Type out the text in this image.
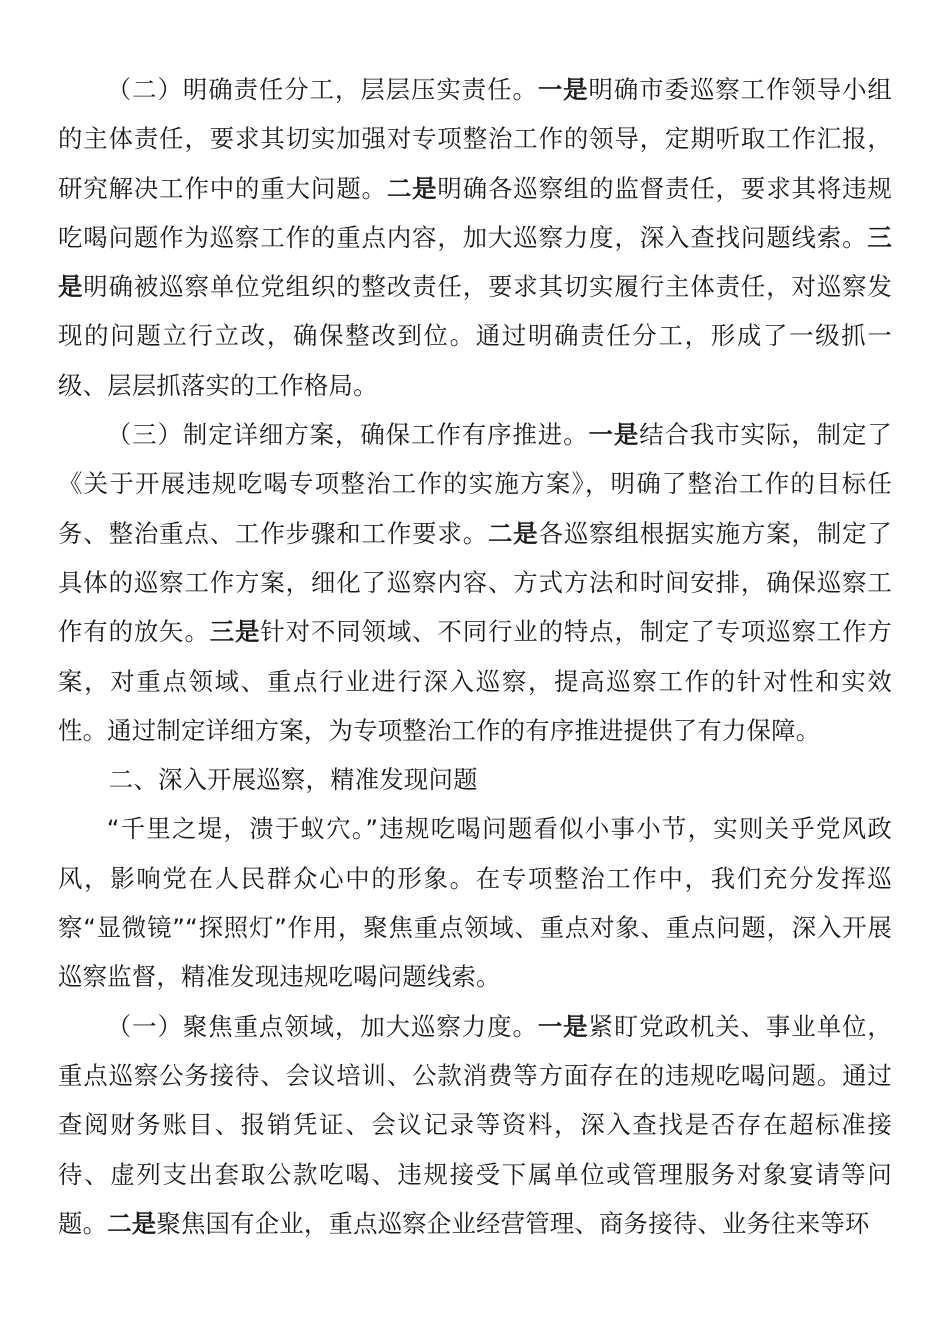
（二）明确责任分工，层层压实责任。一是明确市委巡察工作领导小组的主体责任，要求其切实加强对专项整治工作的领导，定期听取工作汇报，研究解决工作中的重大问题。二是明确各巡察组的监督责任，要求其将违规吃喝问题作为巡察工作的重点内容，加大巡察力度，深入查找问题线索。三是明确被巡察单位党组织的整改责任，要求其切实履行主体责任，对巡察发现的问题立行立改，确保整改到位。通过明确责任分工，形成了一级抓一级、层层抓落实的工作格局。

（三）制定详细方案，确保工作有序推进。一是结合我市实际，制定了《关于开展违规吃喝专项整治工作的实施方案》，明确了整治工作的目标任务、整治重点、工作步骤和工作要求。二是各巡察组根据实施方案，制定了具体的巡察工作方案，细化了巡察内容、方式方法和时间安排，确保巡察工作有的放矢。三是针对不同领域、不同行业的特点，制定了专项巡察工作方案，对重点领域、重点行业进行深入巡察，提高巡察工作的针对性和实效性。通过制定详细方案，为专项整治工作的有序推进提供了有力保障。

二、深入开展巡察，精准发现问题

“千里之堤，溃于蚁穴。”违规吃喝问题看似小事小节，实则关乎党风政风，影响党在人民群众心中的形象。在专项整治工作中，我们充分发挥巡察“显微镜”“探照灯”作用，聚焦重点领域、重点对象、重点问题，深入开展巡察监督，精准发现违规吃喝问题线索。

（一）聚焦重点领域，加大巡察力度。一是紧盯党政机关、事业单位，重点巡察公务接待、会议培训、公款消费等方面存在的违规吃喝问题。通过查阅财务账目、报销凭证、会议记录等资料，深入查找是否存在超标准接待、虚列支出套取公款吃喝、违规接受下属单位或管理服务对象宴请等问题。二是聚焦国有企业，重点巡察企业经营管理、商务接待、业务往来等环
